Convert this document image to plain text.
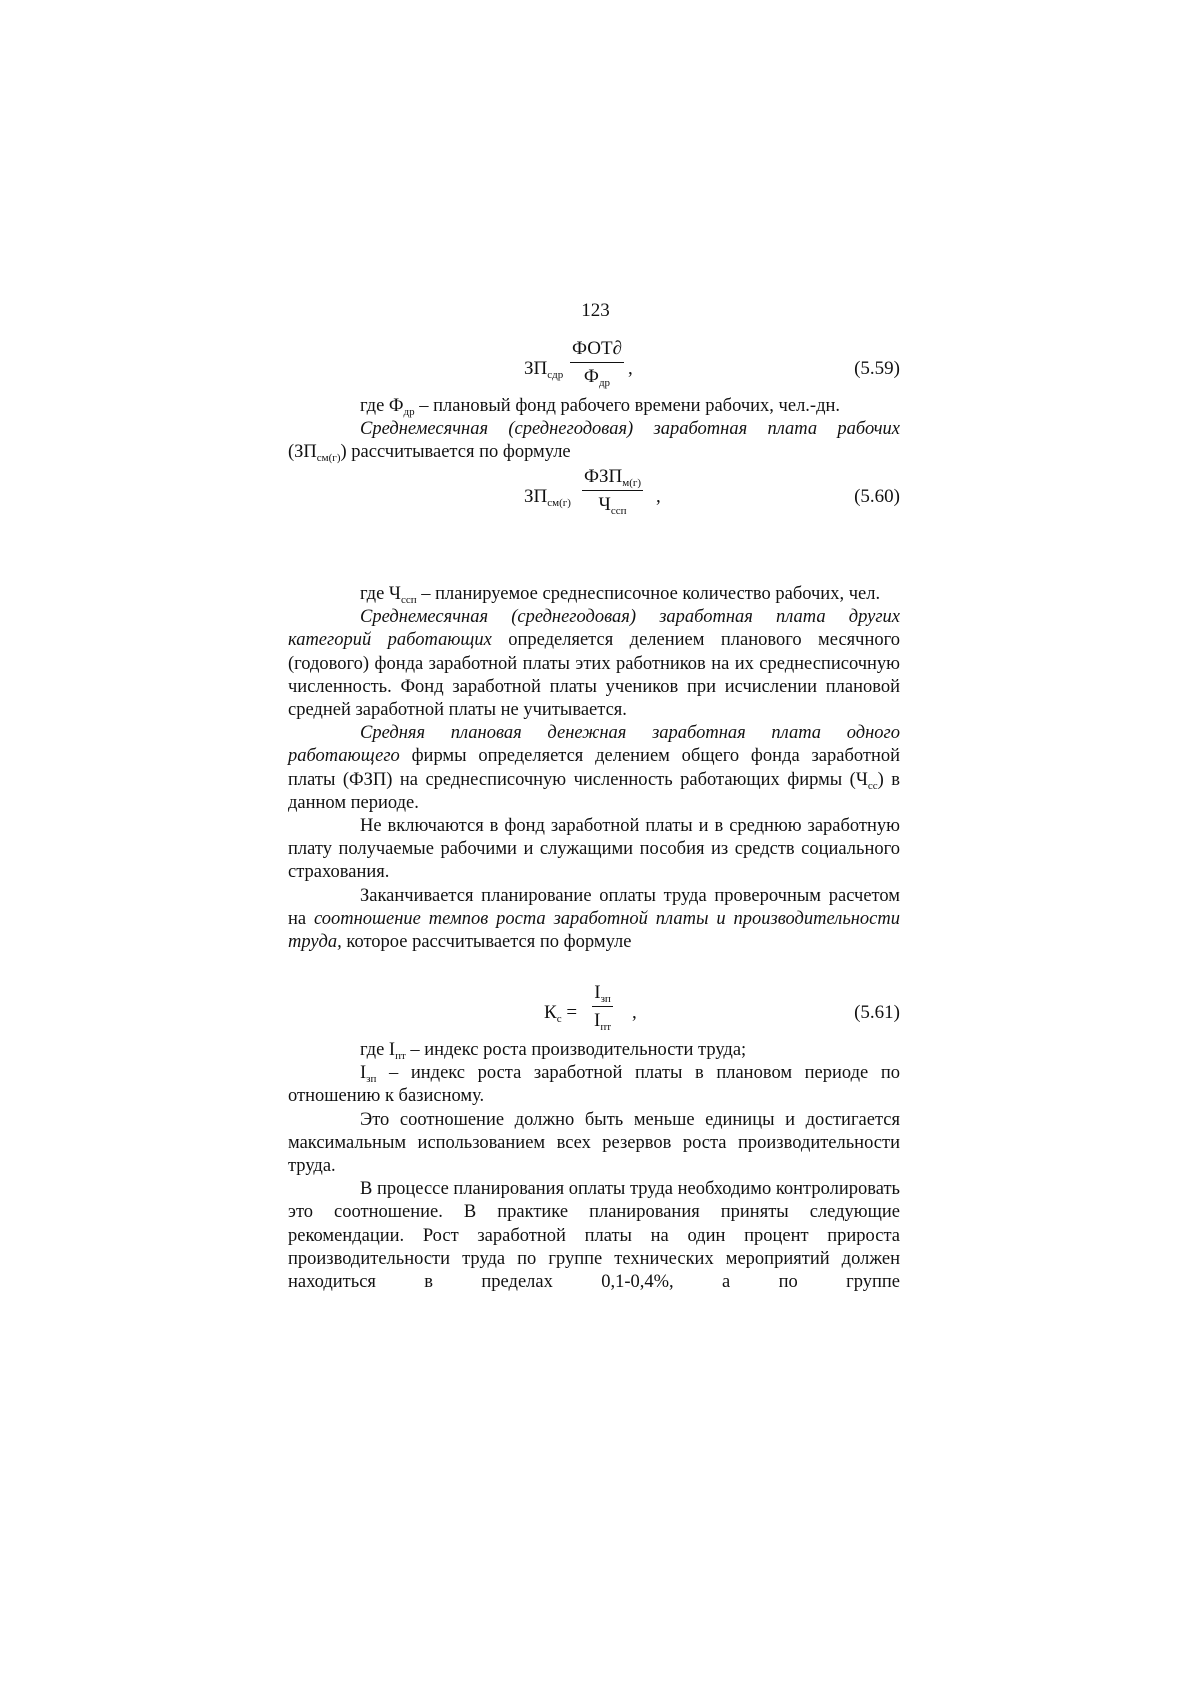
123
$ЗП_{сдр}$
ФОТ∂
$Ф_{др}$
,	(5.59)

где $Ф_{др}$ – плановый фонд рабочего времени рабочих, чел.-дн.

Среднемесячная (среднегодовая) заработная плата рабочих $(ЗП_{см(г)})$ рассчитывается по формуле

$ЗП_{см(г)}$
$ФЗП_{м(г)}$
$Ч_{ссп}$
,	(5.60)

где $Ч_{ссп}$ – планируемое среднесписочное количество рабочих, чел.

Среднемесячная (среднегодовая) заработная плата других категорий работающих определяется делением планового месячного (годового) фонда заработной платы этих работников на их среднесписочную численность. Фонд заработной платы учеников при исчислении плановой средней заработной платы не учитывается.

Средняя плановая денежная заработная плата одного работающего фирмы определяется делением общего фонда заработной платы (ФЗП) на среднесписочную численность работающих фирмы $(Ч_{сс})$ в данном периоде.

Не включаются в фонд заработной платы и в среднюю заработную плату получаемые рабочими и служащими пособия из средств социального страхования.

Заканчивается планирование оплаты труда проверочным расчетом на соотношение темпов роста заработной платы и производительности труда, которое рассчитывается по формуле

$К_с$ =
$I_{зп}$
$I_{пт}$
,	(5.61)

где $I_{пт}$ – индекс роста производительности труда;

$I_{зп}$ – индекс роста заработной платы в плановом периоде по отношению к базисному.

Это соотношение должно быть меньше единицы и достигается максимальным использованием всех резервов роста производительности труда.

В процессе планирования оплаты труда необходимо контролировать это соотношение. В практике планирования приняты следующие рекомендации. Рост заработной платы на один процент прироста производительности труда по группе технических мероприятий должен находиться в пределах 0,1-0,4%, а по группе
